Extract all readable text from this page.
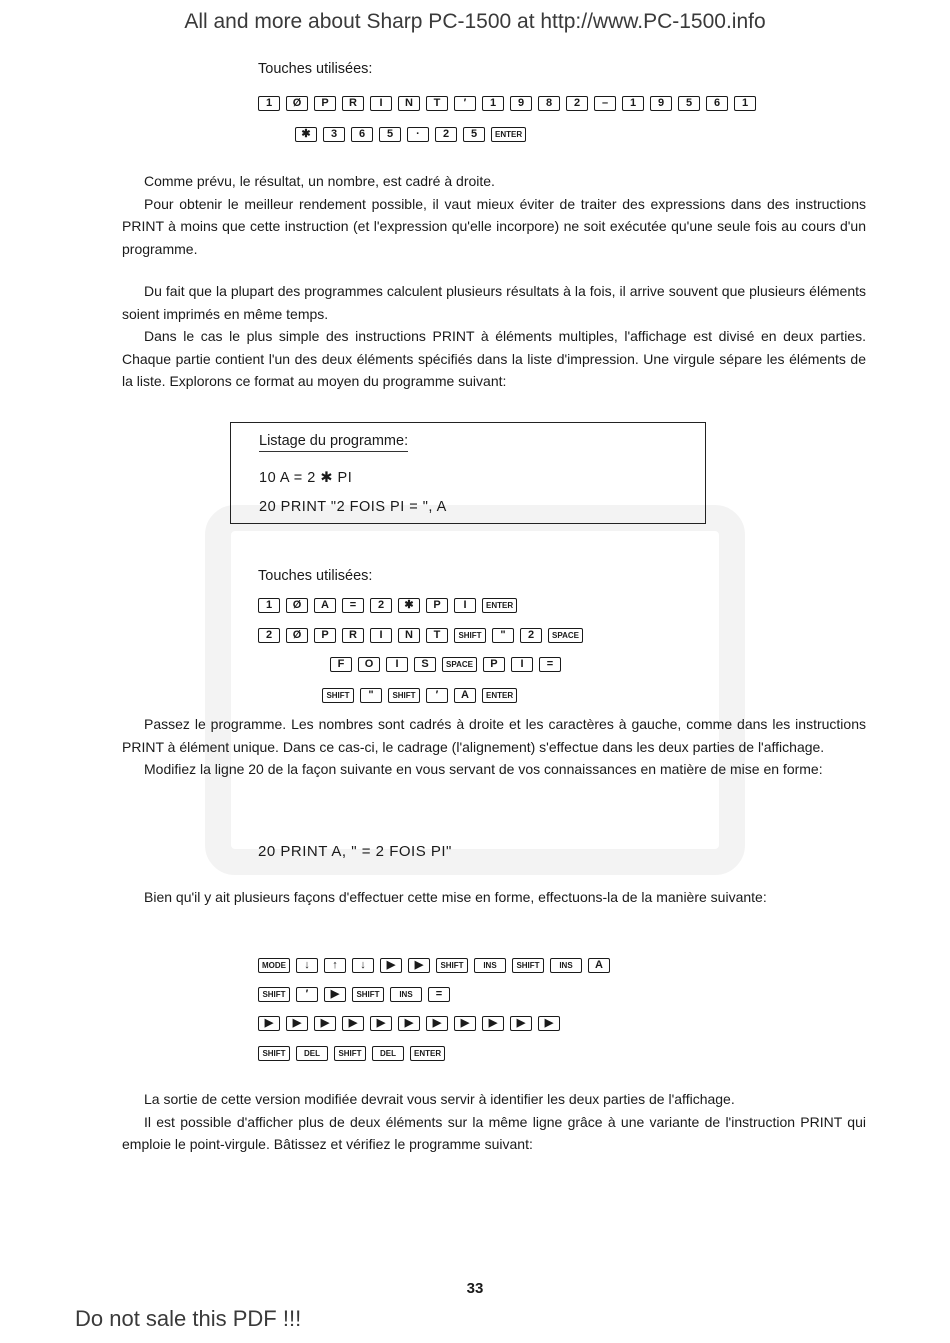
All and more about Sharp PC-1500 at http://www.PC-1500.info
Touches utilisées:
1	Ø	P	R	I	N	T	′	1	9	8	2	–	1	9	5	6	1
✱	3	6	5	·	2	5	ENTER

Comme prévu, le résultat, un nombre, est cadré à droite.

Pour obtenir le meilleur rendement possible, il vaut mieux éviter de traiter des expressions dans des instructions PRINT à moins que cette instruction (et l'expression qu'elle incorpore) ne soit exécutée qu'une seule fois au cours d'un programme.

Du fait que la plupart des programmes calculent plusieurs résultats à la fois, il arrive souvent que plusieurs éléments soient imprimés en même temps.

Dans le cas le plus simple des instructions PRINT à éléments multiples, l'affichage est divisé en deux parties. Chaque partie contient l'un des deux éléments spécifiés dans la liste d'impression. Une virgule sépare les éléments de la liste. Explorons ce format au moyen du programme suivant:

Listage du programme:
10 A = 2 ✱ PI
20 PRINT "2 FOIS PI = ", A
Touches utilisées:
1	Ø	A	=	2	✱	P	I	ENTER
2	Ø	P	R	I	N	T	SHIFT	"	2	SPACE
F	O	I	S	SPACE	P	I	=
SHIFT	"	SHIFT	′	A	ENTER

Passez le programme. Les nombres sont cadrés à droite et les caractères à gauche, comme dans les instructions PRINT à élément unique. Dans ce cas-ci, le cadrage (l'alignement) s'effectue dans les deux parties de l'affichage.

Modifiez la ligne 20 de la façon suivante en vous servant de vos connaissances en matière de mise en forme:

20 PRINT A, " = 2 FOIS PI"

Bien qu'il y ait plusieurs façons d'effectuer cette mise en forme, effectuons-la de la manière suivante:

MODE	↓	↑	↓	▶	▶	SHIFT	INS	SHIFT	INS	A
SHIFT	′	▶	SHIFT	INS	=
▶	▶	▶	▶	▶	▶	▶	▶	▶	▶	▶
SHIFT	DEL	SHIFT	DEL	ENTER

La sortie de cette version modifiée devrait vous servir à identifier les deux parties de l'affichage.

Il est possible d'afficher plus de deux éléments sur la même ligne grâce à une variante de l'instruction PRINT qui emploie le point-virgule. Bâtissez et vérifiez le programme suivant:

33
Do not sale this PDF !!!
